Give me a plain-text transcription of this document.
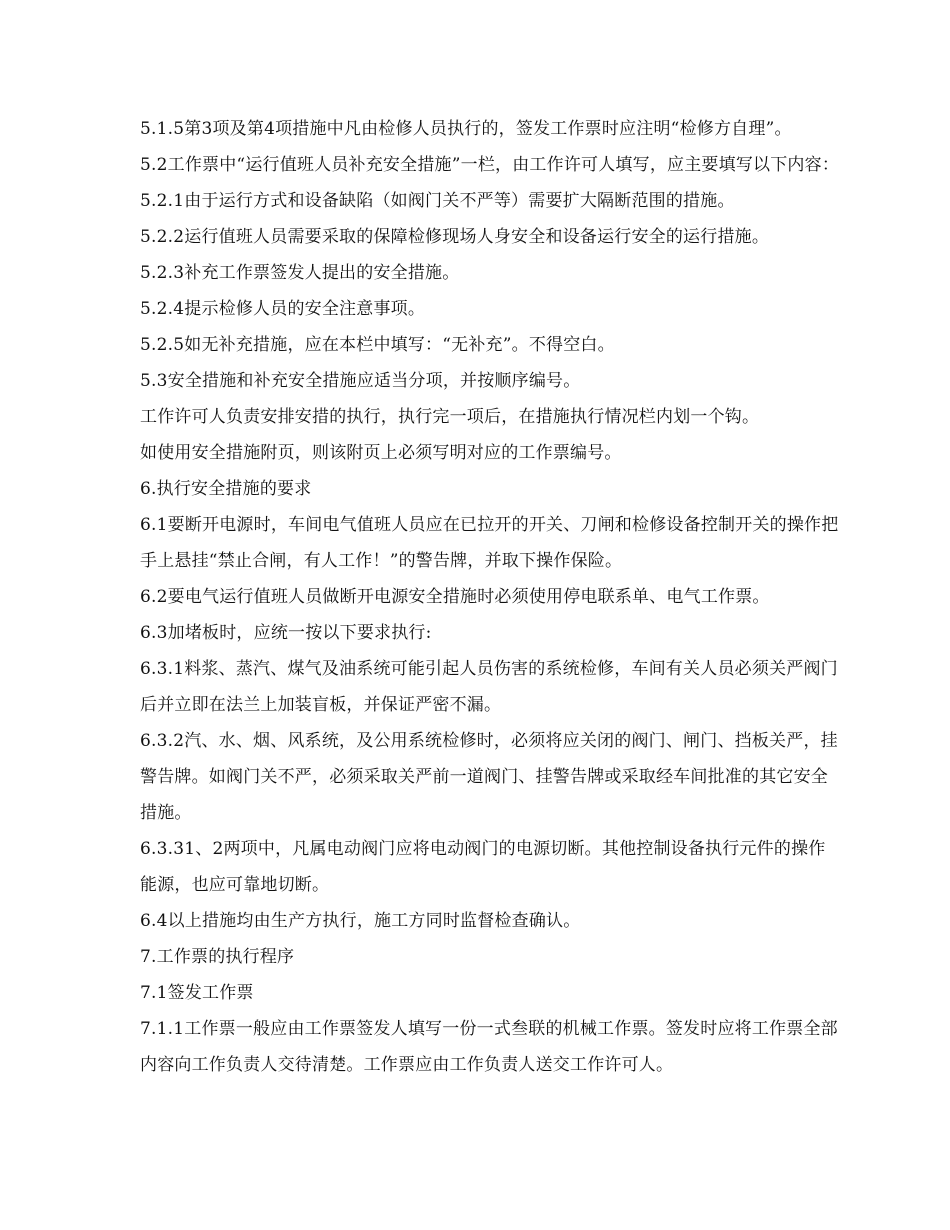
5.1.5第3项及第4项措施中凡由检修人员执行的，签发工作票时应注明“检修方自理”。

5.2工作票中“运行值班人员补充安全措施”一栏，由工作许可人填写，应主要填写以下内容：

5.2.1由于运行方式和设备缺陷（如阀门关不严等）需要扩大隔断范围的措施。

5.2.2运行值班人员需要采取的保障检修现场人身安全和设备运行安全的运行措施。

5.2.3补充工作票签发人提出的安全措施。

5.2.4提示检修人员的安全注意事项。

5.2.5如无补充措施，应在本栏中填写：“无补充”。不得空白。

5.3安全措施和补充安全措施应适当分项，并按顺序编号。

工作许可人负责安排安措的执行，执行完一项后，在措施执行情况栏内划一个钩。

如使用安全措施附页，则该附页上必须写明对应的工作票编号。

6.执行安全措施的要求

6.1要断开电源时，车间电气值班人员应在已拉开的开关、刀闸和检修设备控制开关的操作把手上悬挂“禁止合闸，有人工作！”的警告牌，并取下操作保险。

6.2要电气运行值班人员做断开电源安全措施时必须使用停电联系单、电气工作票。

6.3加堵板时，应统一按以下要求执行:

6.3.1料浆、蒸汽、煤气及油系统可能引起人员伤害的系统检修，车间有关人员必须关严阀门后并立即在法兰上加装盲板，并保证严密不漏。

6.3.2汽、水、烟、风系统，及公用系统检修时，必须将应关闭的阀门、闸门、挡板关严，挂警告牌。如阀门关不严，必须采取关严前一道阀门、挂警告牌或采取经车间批准的其它安全措施。

6.3.31、2两项中，凡属电动阀门应将电动阀门的电源切断。其他控制设备执行元件的操作能源，也应可靠地切断。

6.4以上措施均由生产方执行，施工方同时监督检查确认。

7.工作票的执行程序

7.1签发工作票

7.1.1工作票一般应由工作票签发人填写一份一式叁联的机械工作票。签发时应将工作票全部内容向工作负责人交待清楚。工作票应由工作负责人送交工作许可人。
